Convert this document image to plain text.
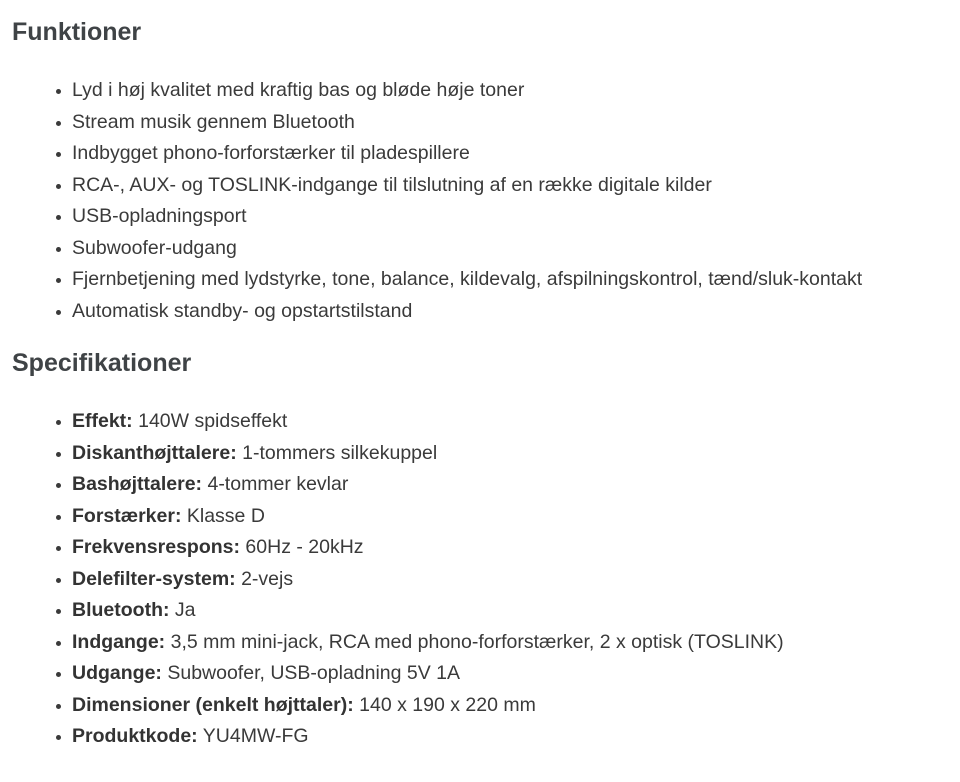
Funktioner
Lyd i høj kvalitet med kraftig bas og bløde høje toner
Stream musik gennem Bluetooth
Indbygget phono-forforstærker til pladespillere
RCA-, AUX- og TOSLINK-indgange til tilslutning af en række digitale kilder
USB-opladningsport
Subwoofer-udgang
Fjernbetjening med lydstyrke, tone, balance, kildevalg, afspilningskontrol, tænd/sluk-kontakt
Automatisk standby- og opstartstilstand
Specifikationer
Effekt: 140W spidseffekt
Diskanthøjttalere: 1-tommers silkekuppel
Bashøjttalere: 4-tommer kevlar
Forstærker: Klasse D
Frekvensrespons: 60Hz - 20kHz
Delefilter-system: 2-vejs
Bluetooth: Ja
Indgange: 3,5 mm mini-jack, RCA med phono-forforstærker, 2 x optisk (TOSLINK)
Udgange: Subwoofer, USB-opladning 5V 1A
Dimensioner (enkelt højttaler): 140 x 190 x 220 mm
Produktkode: YU4MW-FG
